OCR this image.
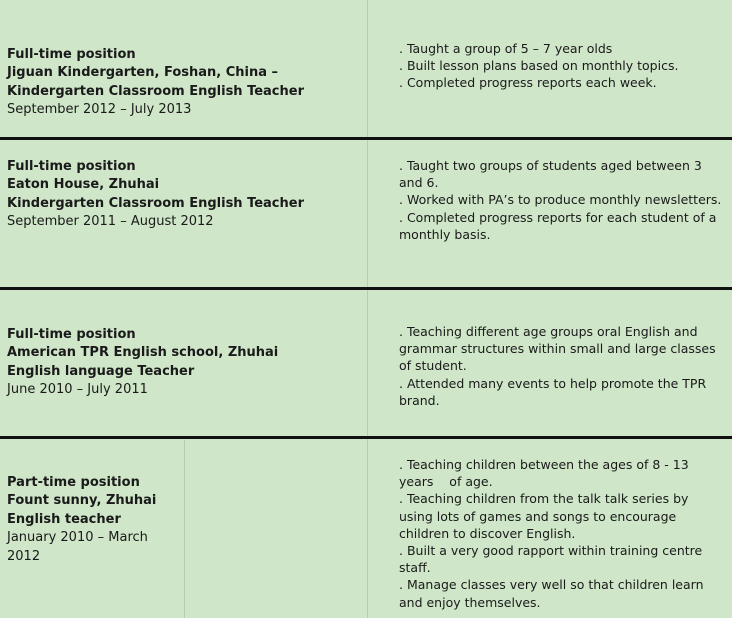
Full-time position
Jiguan Kindergarten, Foshan, China –
Kindergarten Classroom English Teacher
September 2012 – July 2013
. Taught a group of 5 – 7 year olds
. Built lesson plans based on monthly topics.
. Completed progress reports each week.
Full-time position
Eaton House, Zhuhai
Kindergarten Classroom English Teacher
September 2011 – August 2012
. Taught two groups of students aged between 3 and 6.
. Worked with PA’s to produce monthly newsletters.
. Completed progress reports for each student of a monthly basis.
Full-time position
American TPR English school, Zhuhai
English language Teacher
June 2010 – July 2011
. Teaching different age groups oral English and grammar structures within small and large classes of student.
. Attended many events to help promote the TPR brand.
Part-time position
Fount sunny, Zhuhai
English teacher
January 2010 – March 2012
. Teaching children between the ages of 8 - 13 years    of age.
. Teaching children from the talk talk series by using lots of games and songs to encourage children to discover English.
. Built a very good rapport within training centre staff.
. Manage classes very well so that children learn and enjoy themselves.
